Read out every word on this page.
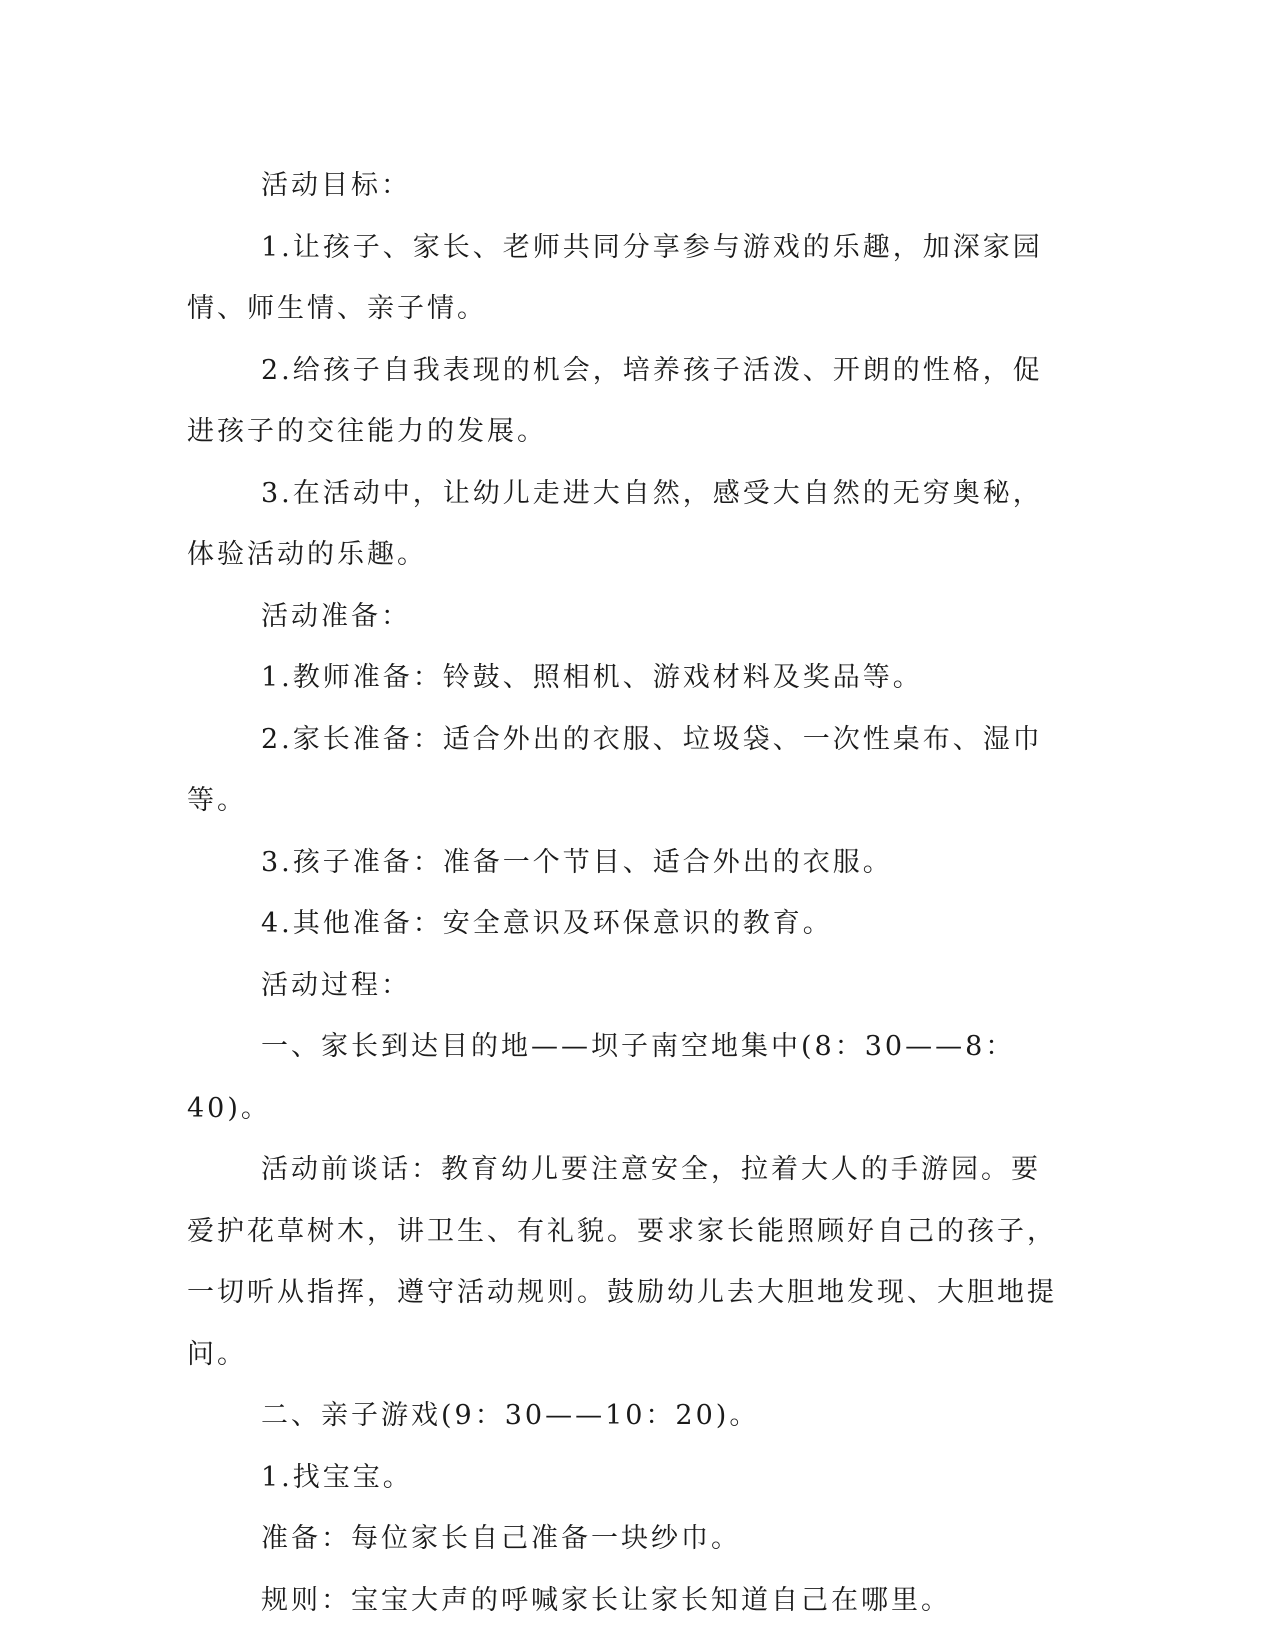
活动目标：

1.让孩子、家长、老师共同分享参与游戏的乐趣，加深家园情、师生情、亲子情。

2.给孩子自我表现的机会，培养孩子活泼、开朗的性格，促进孩子的交往能力的发展。

3.在活动中，让幼儿走进大自然，感受大自然的无穷奥秘，体验活动的乐趣。

活动准备：

1.教师准备：铃鼓、照相机、游戏材料及奖品等。

2.家长准备：适合外出的衣服、垃圾袋、一次性桌布、湿巾等。

3.孩子准备：准备一个节目、适合外出的衣服。

4.其他准备：安全意识及环保意识的教育。

活动过程：

一、家长到达目的地——坝子南空地集中(8：30——8：40)。

活动前谈话：教育幼儿要注意安全，拉着大人的手游园。要爱护花草树木，讲卫生、有礼貌。要求家长能照顾好自己的孩子，一切听从指挥，遵守活动规则。鼓励幼儿去大胆地发现、大胆地提问。

二、亲子游戏(9：30——10：20)。

1.找宝宝。

准备：每位家长自己准备一块纱巾。

规则：宝宝大声的呼喊家长让家长知道自己在哪里。
